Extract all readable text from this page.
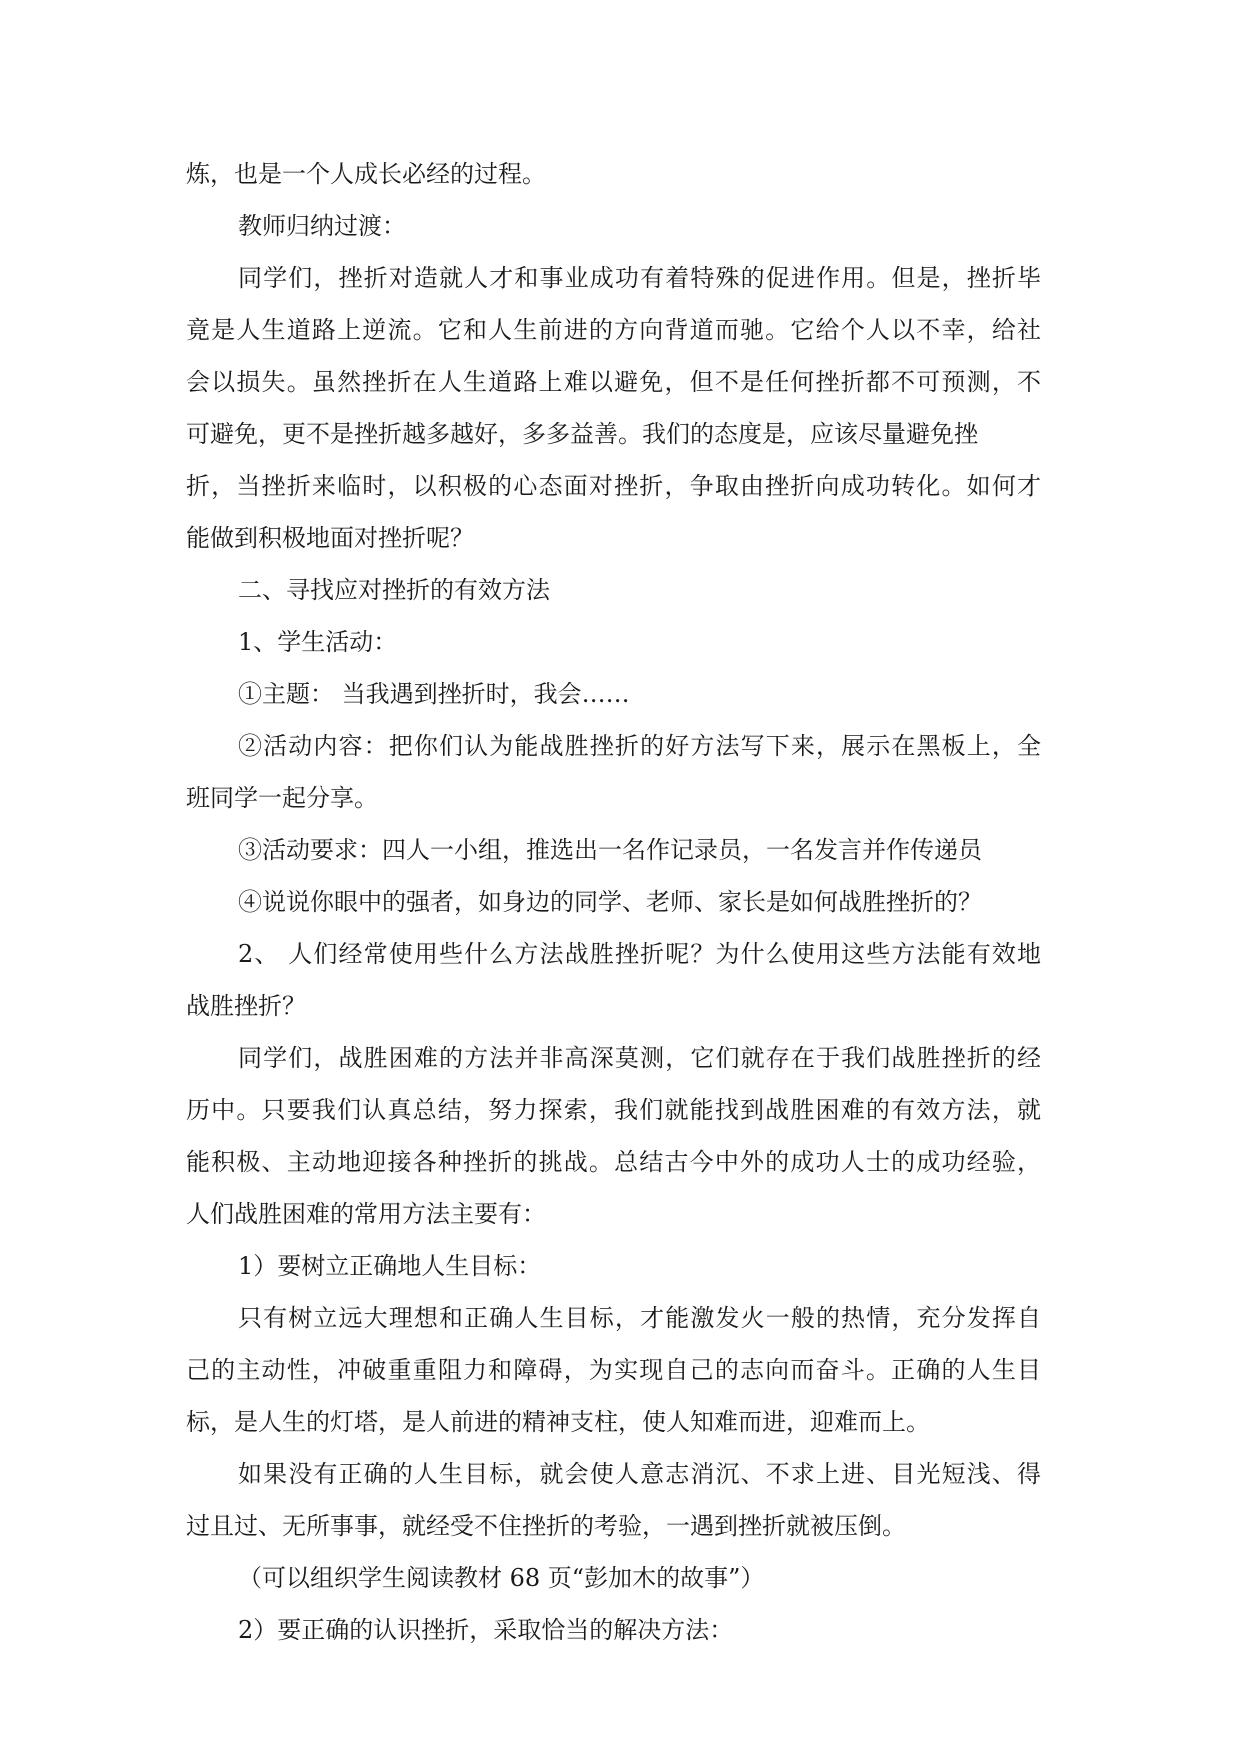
炼，也是一个人成长必经的过程。
教师归纳过渡：
同学们，挫折对造就人才和事业成功有着特殊的促进作用。但是，挫折毕
竟是人生道路上逆流。它和人生前进的方向背道而驰。它给个人以不幸，给社
会以损失。虽然挫折在人生道路上难以避免，但不是任何挫折都不可预测，不
可避免，更不是挫折越多越好，多多益善。我们的态度是，应该尽量避免挫
折，当挫折来临时，以积极的心态面对挫折，争取由挫折向成功转化。如何才
能做到积极地面对挫折呢？
二、寻找应对挫折的有效方法
1、学生活动：
①主题： 当我遇到挫折时，我会……
②活动内容：把你们认为能战胜挫折的好方法写下来，展示在黑板上，全
班同学一起分享。
③活动要求：四人一小组，推选出一名作记录员，一名发言并作传递员
④说说你眼中的强者，如身边的同学、老师、家长是如何战胜挫折的？
2、 人们经常使用些什么方法战胜挫折呢？为什么使用这些方法能有效地
战胜挫折？
同学们，战胜困难的方法并非高深莫测，它们就存在于我们战胜挫折的经
历中。只要我们认真总结，努力探索，我们就能找到战胜困难的有效方法，就
能积极、主动地迎接各种挫折的挑战。总结古今中外的成功人士的成功经验，
人们战胜困难的常用方法主要有：
1）要树立正确地人生目标：
只有树立远大理想和正确人生目标，才能激发火一般的热情，充分发挥自
己的主动性，冲破重重阻力和障碍，为实现自己的志向而奋斗。正确的人生目
标，是人生的灯塔，是人前进的精神支柱，使人知难而进，迎难而上。
如果没有正确的人生目标，就会使人意志消沉、不求上进、目光短浅、得
过且过、无所事事，就经受不住挫折的考验，一遇到挫折就被压倒。
（可以组织学生阅读教材 68 页“彭加木的故事”）
2）要正确的认识挫折，采取恰当的解决方法：
